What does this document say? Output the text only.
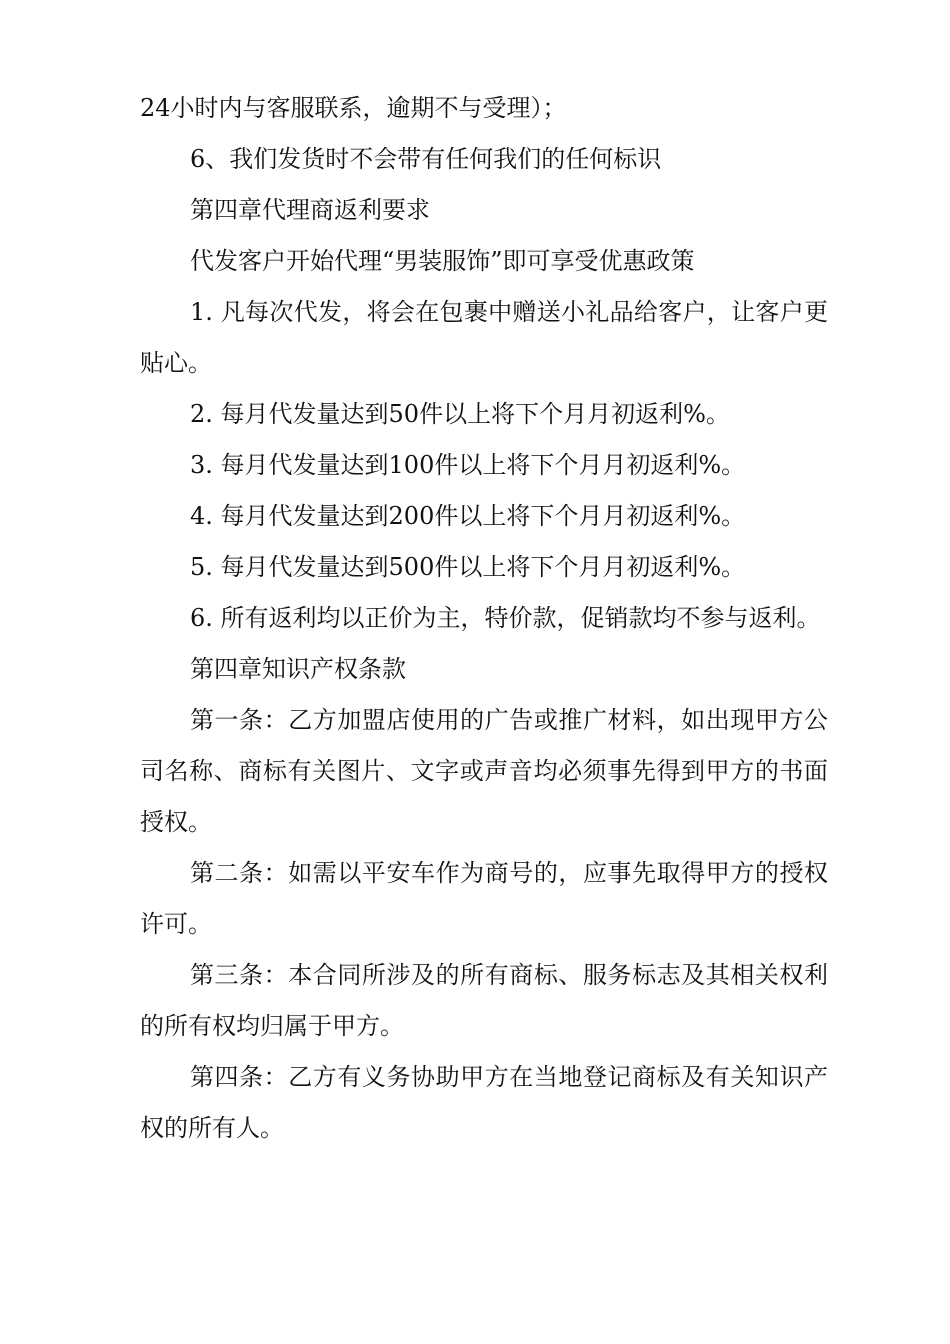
24小时内与客服联系，逾期不与受理）；

6、我们发货时不会带有任何我们的任何标识

第四章代理商返利要求

代发客户开始代理“男装服饰”即可享受优惠政策

1. 凡每次代发，将会在包裹中赠送小礼品给客户，让客户更贴心。

2. 每月代发量达到50件以上将下个月月初返利%。

3. 每月代发量达到100件以上将下个月月初返利%。

4. 每月代发量达到200件以上将下个月月初返利%。

5. 每月代发量达到500件以上将下个月月初返利%。

6. 所有返利均以正价为主，特价款，促销款均不参与返利。

第四章知识产权条款

第一条：乙方加盟店使用的广告或推广材料，如出现甲方公司名称、商标有关图片、文字或声音均必须事先得到甲方的书面授权。

第二条：如需以平安车作为商号的，应事先取得甲方的授权许可。

第三条：本合同所涉及的所有商标、服务标志及其相关权利的所有权均归属于甲方。

第四条：乙方有义务协助甲方在当地登记商标及有关知识产权的所有人。
